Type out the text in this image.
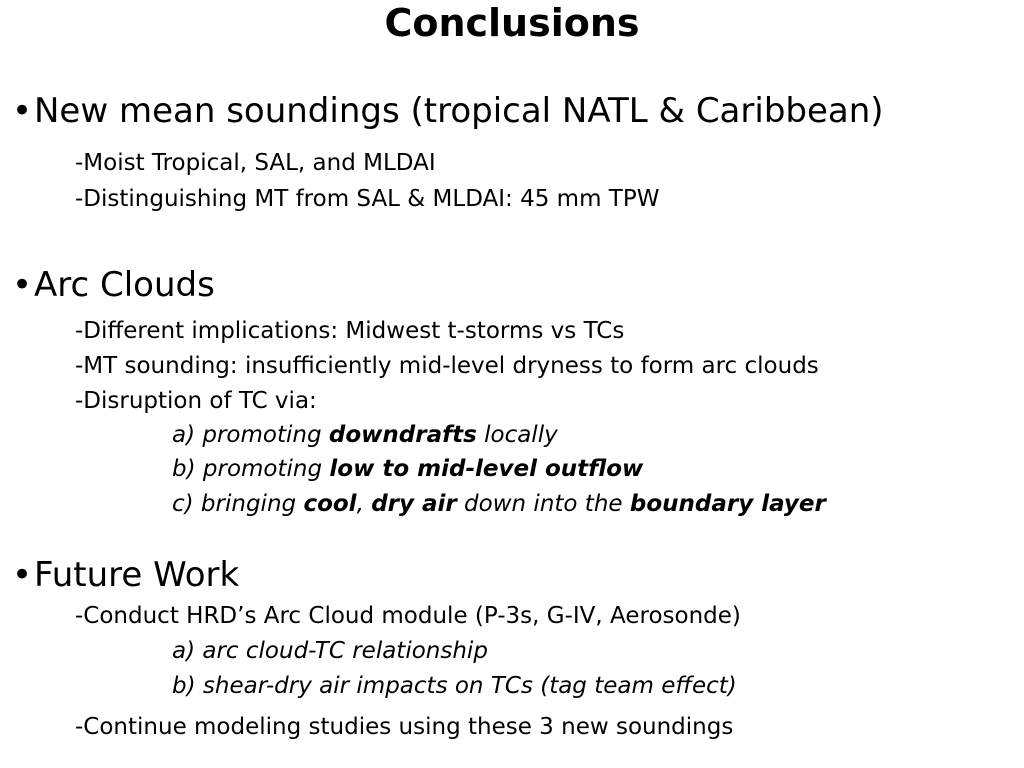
Conclusions
•New mean soundings (tropical NATL & Caribbean)
-Moist Tropical, SAL, and MLDAI
-Distinguishing MT from SAL & MLDAI: 45 mm TPW
•Arc Clouds
-Different implications: Midwest t-storms vs TCs
-MT sounding: insufficiently mid-level dryness to form arc clouds
-Disruption of TC via:
a) promoting downdrafts locally
b) promoting low to mid-level outflow
c) bringing cool, dry air down into the boundary layer
•Future Work
-Conduct HRD’s Arc Cloud module (P-3s, G-IV, Aerosonde)
a) arc cloud-TC relationship
b) shear-dry air impacts on TCs (tag team effect)
-Continue modeling studies using these 3 new soundings
